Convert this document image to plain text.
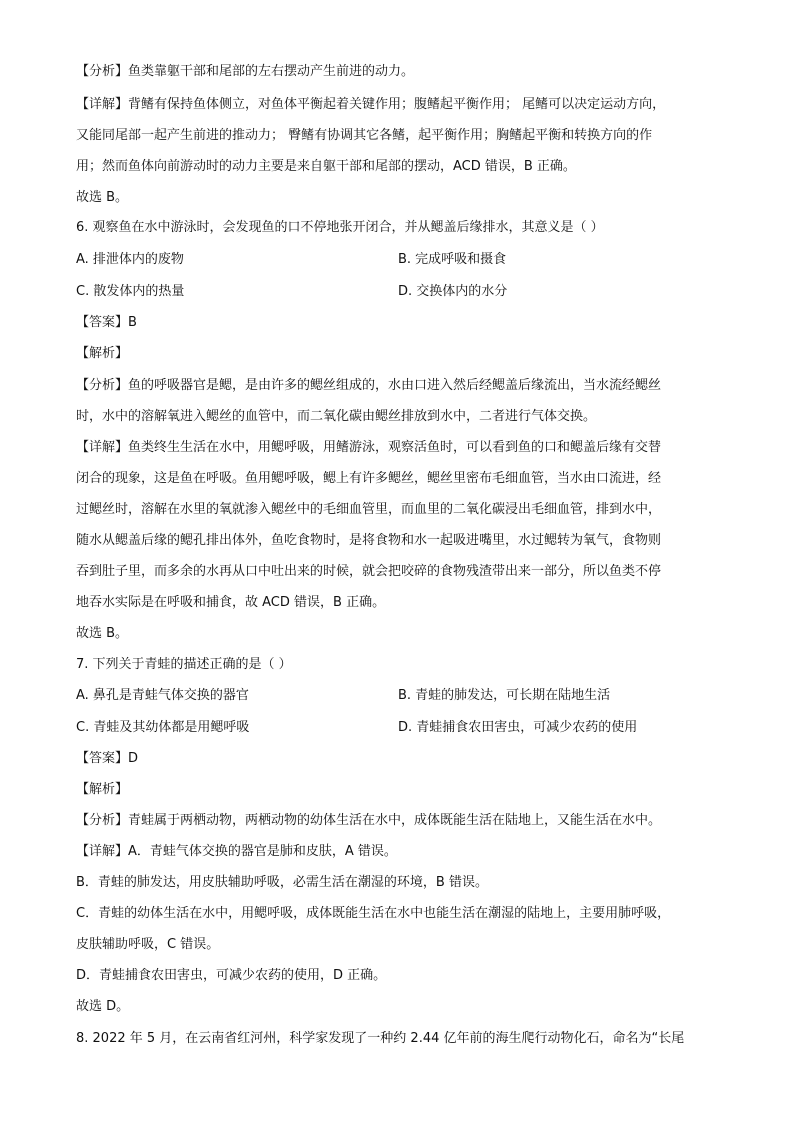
【分析】鱼类靠躯干部和尾部的左右摆动产生前进的动力。
【详解】背鳍有保持鱼体侧立，对鱼体平衡起着关键作用；腹鳍起平衡作用； 尾鳍可以决定运动方向，
又能同尾部一起产生前进的推动力； 臀鳍有协调其它各鳍，起平衡作用；胸鳍起平衡和转换方向的作
用；然而鱼体向前游动时的动力主要是来自躯干部和尾部的摆动，ACD 错误，B 正确。
故选 B。
6. 观察鱼在水中游泳时，会发现鱼的口不停地张开闭合，并从鳃盖后缘排水，其意义是（ ）
A. 排泄体内的废物	B. 完成呼吸和摄食
C. 散发体内的热量	D. 交换体内的水分
【答案】B
【解析】
【分析】鱼的呼吸器官是鳃，是由许多的鳃丝组成的，水由口进入然后经鳃盖后缘流出，当水流经鳃丝
时，水中的溶解氧进入鳃丝的血管中，而二氧化碳由鳃丝排放到水中，二者进行气体交换。
【详解】鱼类终生生活在水中，用鳃呼吸，用鳍游泳，观察活鱼时，可以看到鱼的口和鳃盖后缘有交替
闭合的现象，这是鱼在呼吸。鱼用鳃呼吸，鳃上有许多鳃丝，鳃丝里密布毛细血管，当水由口流进，经
过鳃丝时，溶解在水里的氧就渗入鳃丝中的毛细血管里，而血里的二氧化碳浸出毛细血管，排到水中，
随水从鳃盖后缘的鳃孔排出体外，鱼吃食物时，是将食物和水一起吸进嘴里，水过鳃转为氧气，食物则
吞到肚子里，而多余的水再从口中吐出来的时候，就会把咬碎的食物残渣带出来一部分，所以鱼类不停
地吞水实际是在呼吸和捕食，故 ACD 错误，B 正确。
故选 B。
7. 下列关于青蛙的描述正确的是（ ）
A. 鼻孔是青蛙气体交换的器官	B. 青蛙的肺发达，可长期在陆地生活
C. 青蛙及其幼体都是用鳃呼吸	D. 青蛙捕食农田害虫，可减少农药的使用
【答案】D
【解析】
【分析】青蛙属于两栖动物，两栖动物的幼体生活在水中，成体既能生活在陆地上，又能生活在水中。
【详解】A．青蛙气体交换的器官是肺和皮肤，A 错误。
B．青蛙的肺发达，用皮肤辅助呼吸，必需生活在潮湿的环境，B 错误。
C．青蛙的幼体生活在水中，用鳃呼吸，成体既能生活在水中也能生活在潮湿的陆地上，主要用肺呼吸，
皮肤辅助呼吸，C 错误。
D．青蛙捕食农田害虫，可减少农药的使用，D 正确。
故选 D。
8. 2022 年 5 月，在云南省红河州，科学家发现了一种约 2.44 亿年前的海生爬行动物化石，命名为“长尾
